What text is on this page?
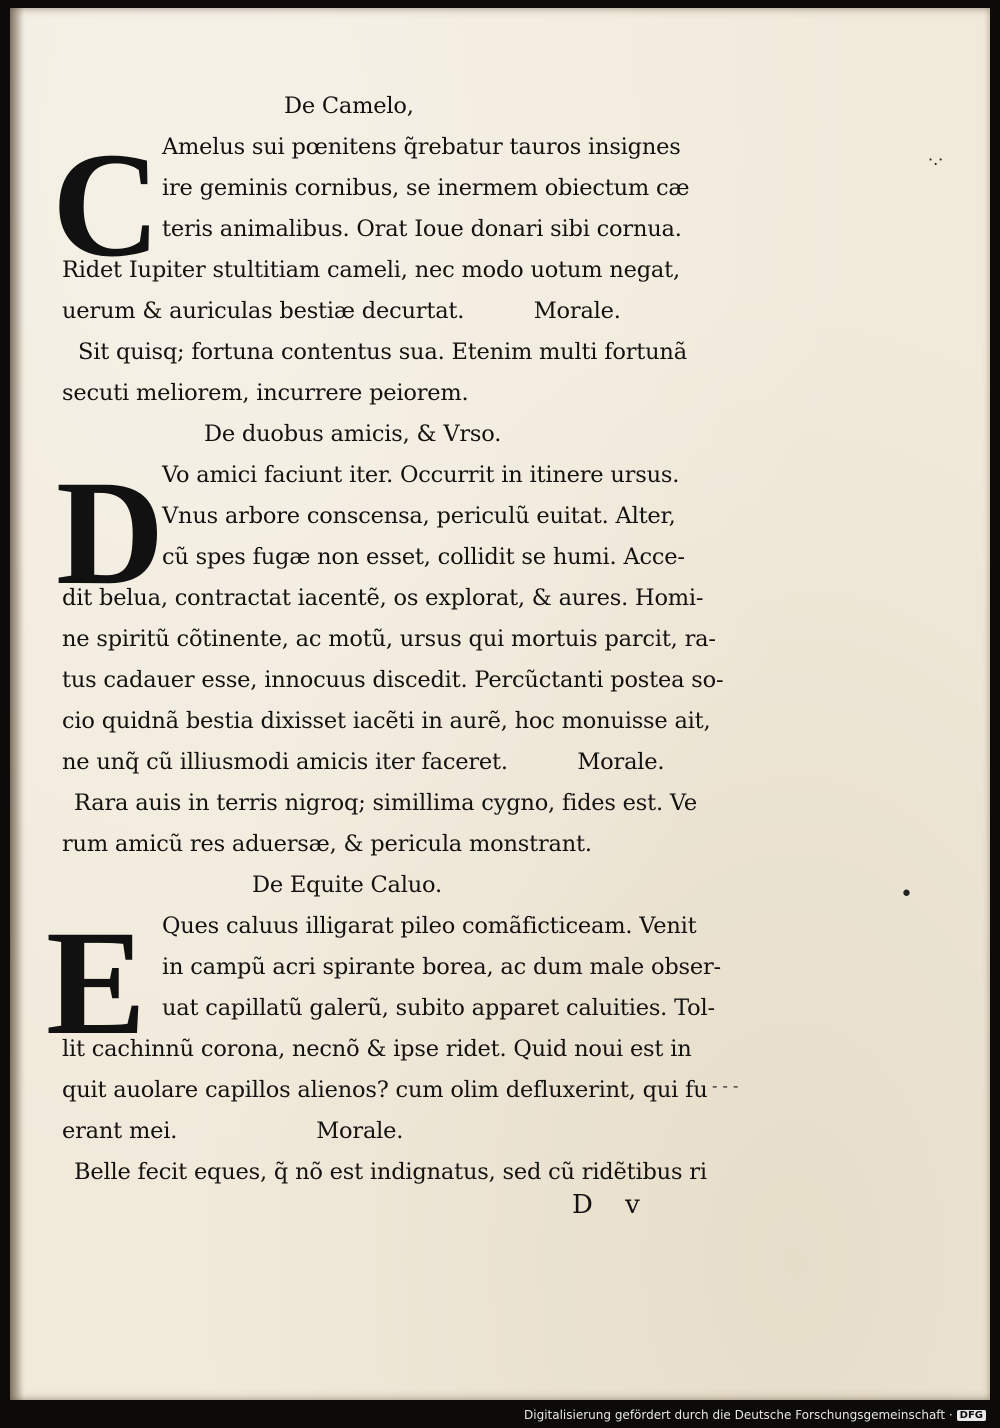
De Camelo,
Amelus sui pœnitens q̃rebatur tauros insignes
ire geminis cornibus, se inermem obiectum cæ
teris animalibus. Orat Ioue donari sibi cornua.
Ridet Iupiter stultitiam cameli, nec modo uotum negat,
uerum & auriculas bestiæ decurtat.          Morale.
Sit quisq; fortuna contentus sua. Etenim multi fortunã
secuti meliorem, incurrere peiorem.
De duobus amicis, & Vrso.
Vo amici faciunt iter. Occurrit in itinere ursus.
Vnus arbore conscensa, periculũ euitat. Alter,
cũ spes fugæ non esset, collidit se humi. Acce-
dit belua, contractat iacentẽ, os explorat, & aures. Homi-
ne spiritũ cõtinente, ac motũ, ursus qui mortuis parcit, ra-
tus cadauer esse, innocuus discedit. Percũctanti postea so-
cio quidnã bestia dixisset iacẽti in aurẽ, hoc monuisse ait,
ne unq̃ cũ illiusmodi amicis iter faceret.          Morale.
Rara auis in terris nigroq; simillima cygno, fides est. Ve
rum amicũ res aduersæ, & pericula monstrant.
De Equite Caluo.
Ques caluus illigarat pileo comãficticeam. Venit
in campũ acri spirante borea, ac dum male obser-
uat capillatũ galerũ, subito apparet caluities. Tol-
lit cachinnũ corona, necnõ & ipse ridet. Quid noui est in
quit auolare capillos alienos? cum olim defluxerint, qui fu
erant mei.                    Morale.
Belle fecit eques, q̃ nõ est indignatus, sed cũ ridẽtibus ri
C
D
E
D v
·.·
•
- - -
Digitalisierung gefördert durch die Deutsche Forschungsgemeinschaft · DFG
